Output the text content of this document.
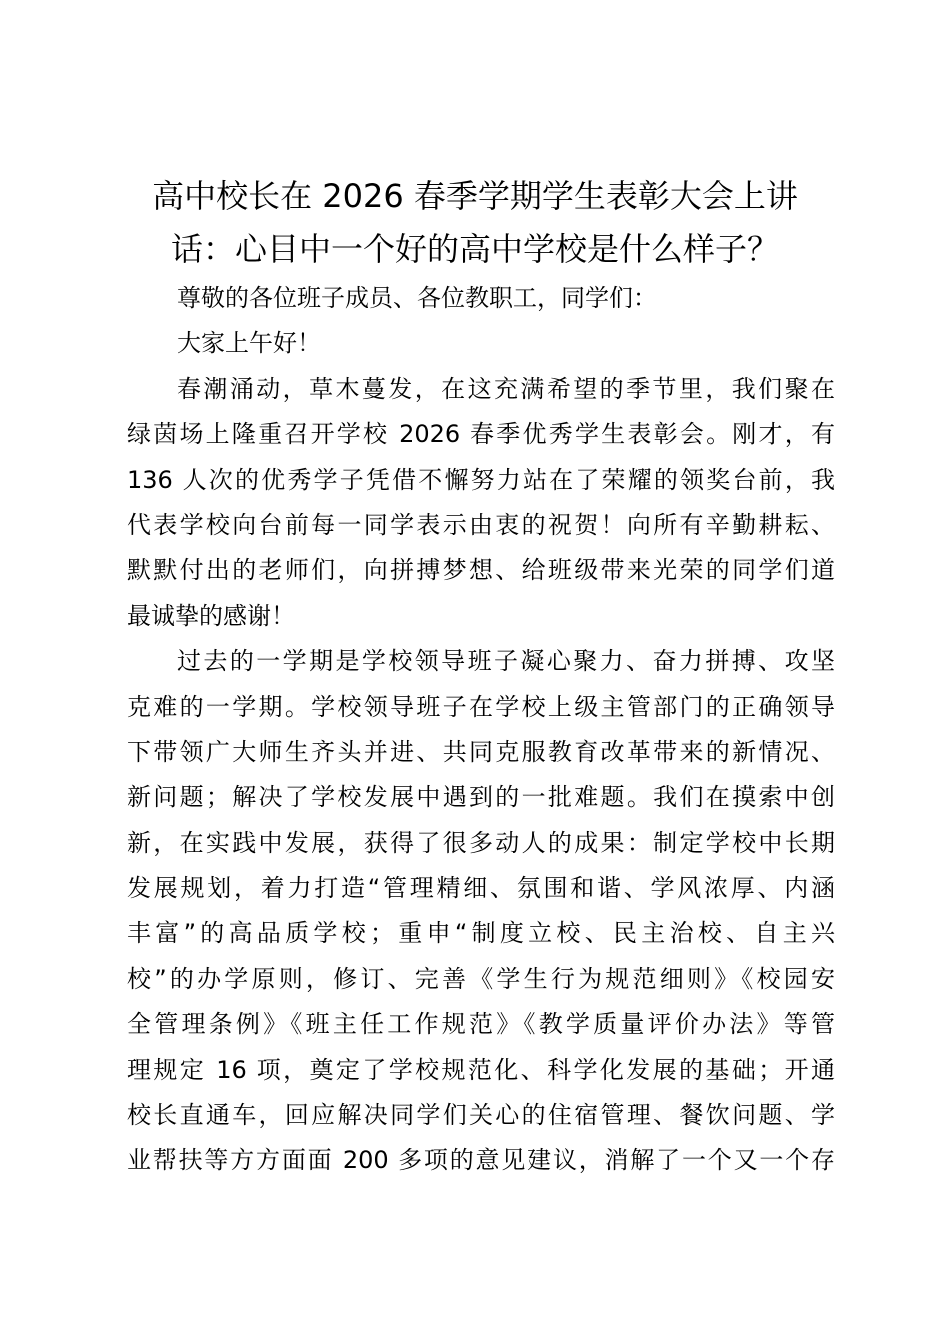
高中校长在 2026 春季学期学生表彰大会上讲
话：心目中一个好的高中学校是什么样子？
尊敬的各位班子成员、各位教职工，同学们：
大家上午好！
春潮涌动，草木蔓发，在这充满希望的季节里，我们聚在
绿茵场上隆重召开学校 2026 春季优秀学生表彰会。刚才，有
136 人次的优秀学子凭借不懈努力站在了荣耀的领奖台前，我
代表学校向台前每一同学表示由衷的祝贺！向所有辛勤耕耘、
默默付出的老师们，向拼搏梦想、给班级带来光荣的同学们道
最诚挚的感谢！
过去的一学期是学校领导班子凝心聚力、奋力拼搏、攻坚
克难的一学期。学校领导班子在学校上级主管部门的正确领导
下带领广大师生齐头并进、共同克服教育改革带来的新情况、
新问题；解决了学校发展中遇到的一批难题。我们在摸索中创
新，在实践中发展，获得了很多动人的成果：制定学校中长期
发展规划，着力打造“管理精细、氛围和谐、学风浓厚、内涵
丰富”的高品质学校；重申“制度立校、民主治校、自主兴
校”的办学原则，修订、完善《学生行为规范细则》《校园安
全管理条例》《班主任工作规范》《教学质量评价办法》等管
理规定 16 项，奠定了学校规范化、科学化发展的基础；开通
校长直通车，回应解决同学们关心的住宿管理、餐饮问题、学
业帮扶等方方面面 200 多项的意见建议，消解了一个又一个存
